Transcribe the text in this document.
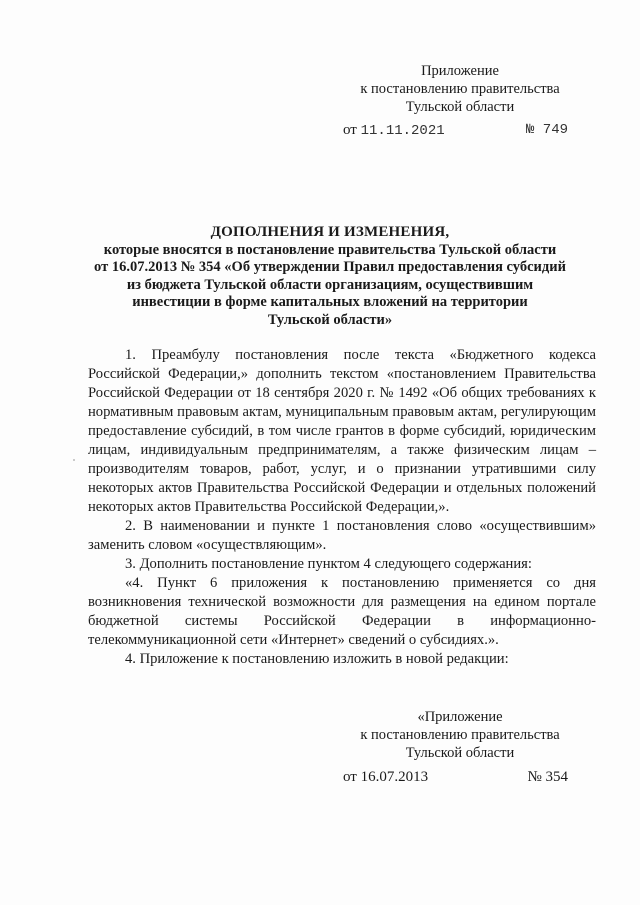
Приложение
к постановлению правительства
Тульской области
от 11.11.2021	№ 749
ДОПОЛНЕНИЯ И ИЗМЕНЕНИЯ,
которые вносятся в постановление правительства Тульской области
от 16.07.2013 № 354 «Об утверждении Правил предоставления субсидий
из бюджета Тульской области организациям, осуществившим
инвестиции в форме капитальных вложений на территории
Тульской области»

1. Преамбулу постановления после текста «Бюджетного кодекса Российской Федерации,» дополнить текстом «постановлением Правительства Российской Федерации от 18 сентября 2020 г. № 1492 «Об общих требованиях к нормативным правовым актам, муниципальным правовым актам, регулирующим предоставление субсидий, в том числе грантов в форме субсидий, юридическим лицам, индивидуальным предпринимателям, а также физическим лицам – производителям товаров, работ, услуг, и о признании утратившими силу некоторых актов Правительства Российской Федерации и отдельных положений некоторых актов Правительства Российской Федерации,».

2. В наименовании и пункте 1 постановления слово «осуществившим» заменить словом «осуществляющим».

3. Дополнить постановление пунктом 4 следующего содержания:

«4. Пункт 6 приложения к постановлению применяется со дня возникновения технической возможности для размещения на едином портале бюджетной системы Российской Федерации в информационно-телекоммуникационной сети «Интернет» сведений о субсидиях.».

4. Приложение к постановлению изложить в новой редакции:

«Приложение
к постановлению правительства
Тульской области
от 16.07.2013	№ 354
